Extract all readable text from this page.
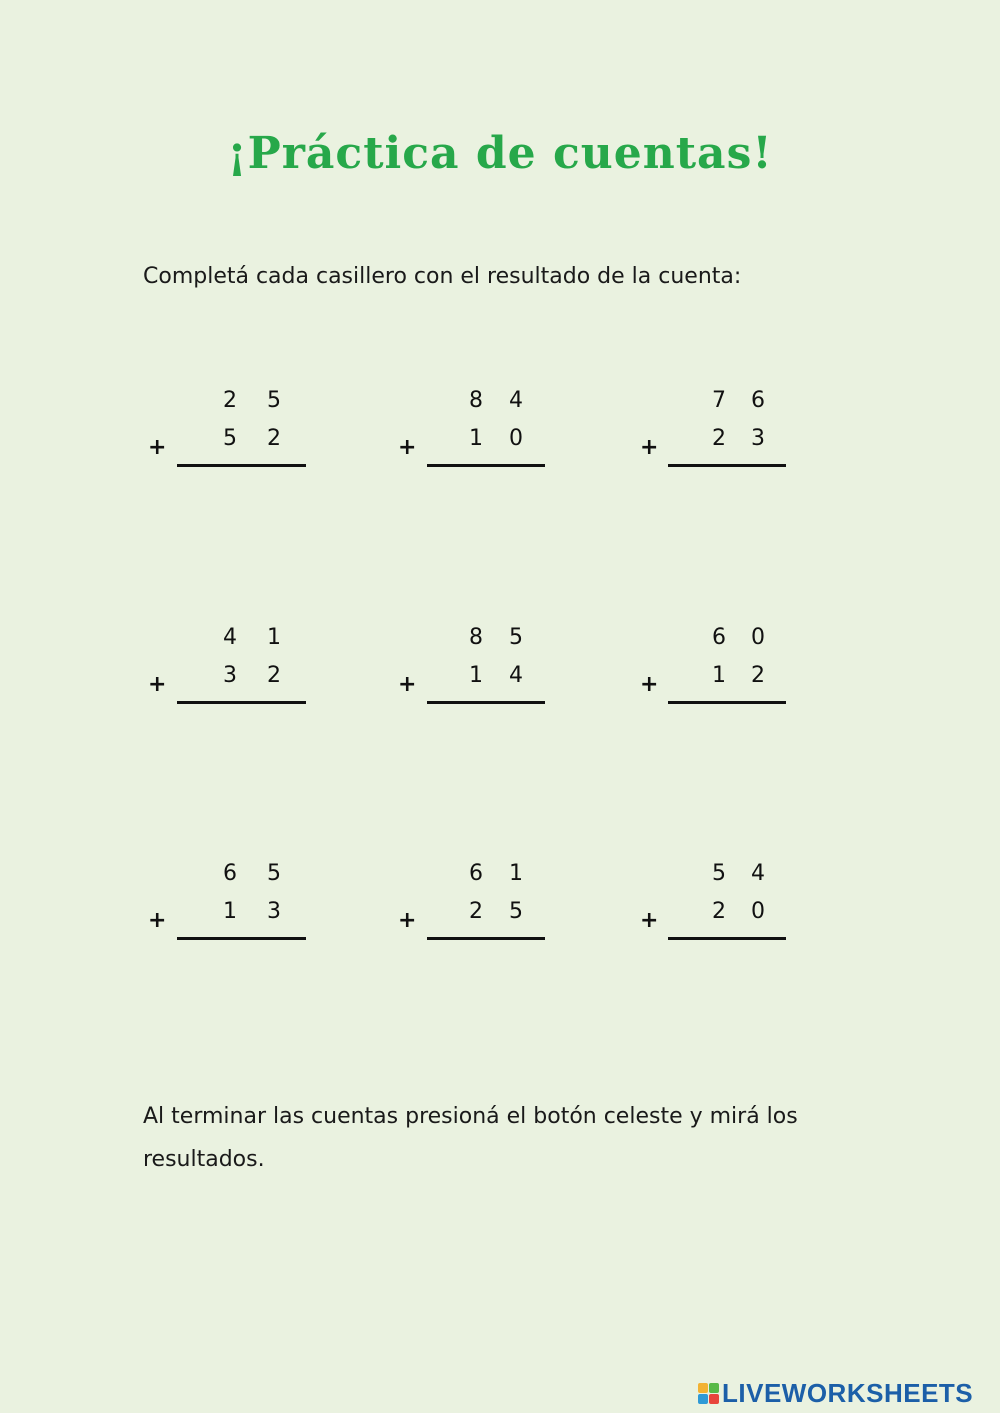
¡Práctica de cuentas!
Completá cada casillero con el resultado de la cuenta:
2 5
+	5 2
8 4
+ 1 0
7 6
+ 2 3
4 1
+	3 2
8 5
+ 1 4
6 0
+ 1 2
6 5
+	1 3
6 1
+ 2 5
5 4
+ 2 0
Al terminar las cuentas presioná el botón celeste y mirá los resultados.
LIVEWORKSHEETS
